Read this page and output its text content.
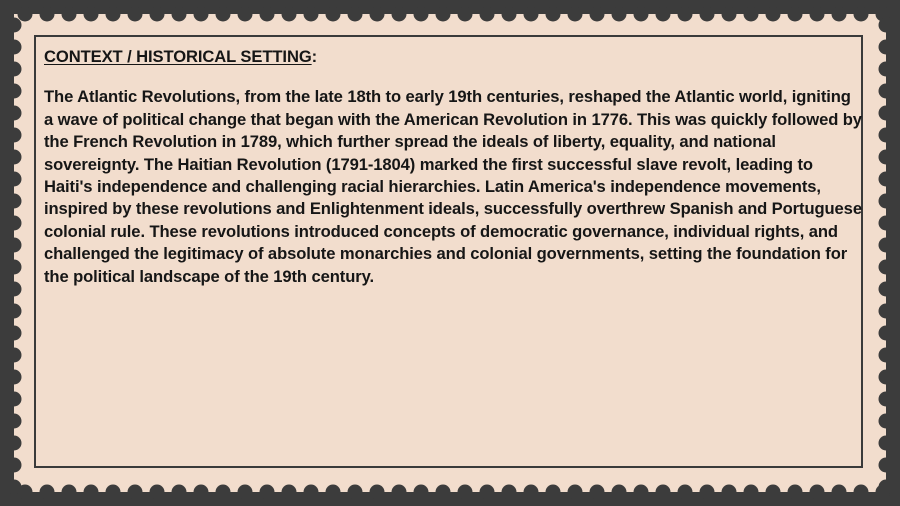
CONTEXT / HISTORICAL SETTING:

The Atlantic Revolutions, from the late 18th to early 19th centuries, reshaped the Atlantic world, igniting a wave of political change that began with the American Revolution in 1776. This was quickly followed by the French Revolution in 1789, which further spread the ideals of liberty, equality, and national sovereignty. The Haitian Revolution (1791-1804) marked the first successful slave revolt, leading to Haiti's independence and challenging racial hierarchies. Latin America's independence movements, inspired by these revolutions and Enlightenment ideals, successfully overthrew Spanish and Portuguese colonial rule. These revolutions introduced concepts of democratic governance, individual rights, and challenged the legitimacy of absolute monarchies and colonial governments, setting the foundation for the political landscape of the 19th century.
